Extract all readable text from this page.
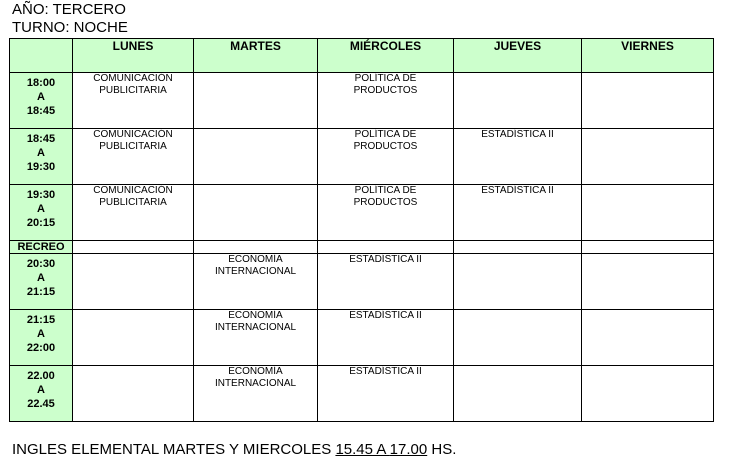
AÑO: TERCERO
TURNO: NOCHE
	LUNES	MARTES	MIÉRCOLES	JUEVES	VIERNES

18:00
A
18:45	COMUNICACIÓN
PUBLICITARIA		POLÍTICA DE
PRODUCTOS		

18:45
A
19:30	COMUNICACIÓN
PUBLICITARIA		POLÍTICA DE
PRODUCTOS	ESTADÍSTICA II	

19:30
A
20:15	COMUNICACIÓN
PUBLICITARIA		POLÍTICA DE
PRODUCTOS	ESTADÍSTICA II	

RECREO					

20:30
A
21:15		ECONOMÍA
INTERNACIONAL	ESTADÍSTICA II		

21:15
A
22:00		ECONOMÍA
INTERNACIONAL	ESTADÍSTICA II		

22.00
A
22.45		ECONOMÍA
INTERNACIONAL	ESTADÍSTICA II		

INGLES ELEMENTAL MARTES Y MIERCOLES 15.45 A 17.00 HS.
